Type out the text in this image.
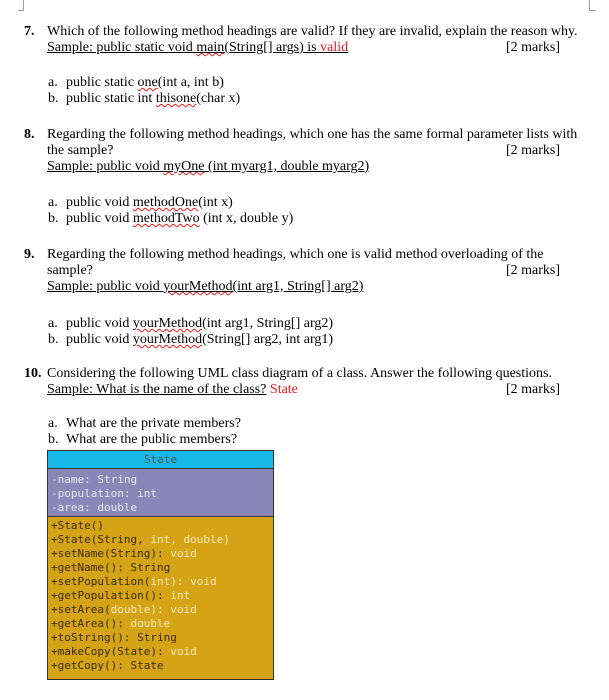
7. Which of the following method headings are valid? If they are invalid, explain the reason why.
[2 marks]
Sample: public static void main(String[] args) is valid
a. public static one(int a, int b)
b. public static int thisone(char x)
8. Regarding the following method headings, which one has the same formal parameter lists with
[2 marks]
the sample?
Sample: public void myOne (int myarg1, double myarg2)
a. public void methodOne(int x)
b. public void methodTwo (int x, double y)
9. Regarding the following method headings, which one is valid method overloading of the
[2 marks]
sample?
Sample: public void yourMethod(int arg1, String[] arg2)
a. public void yourMethod(int arg1, String[] arg2)
b. public void yourMethod(String[] arg2, int arg1)
10. Considering the following UML class diagram of a class. Answer the following questions.
[2 marks]
Sample: What is the name of the class? State
a. What are the private members?
b. What are the public members?
State
-name: String
-population: int
-area: double
+State()
+State(String, int, double)
+setName(String): void
+getName(): String
+setPopulation(int): void
+getPopulation(): int
+setArea(double): void
+getArea(): double
+toString(): String
+makeCopy(State): void
+getCopy(): State
